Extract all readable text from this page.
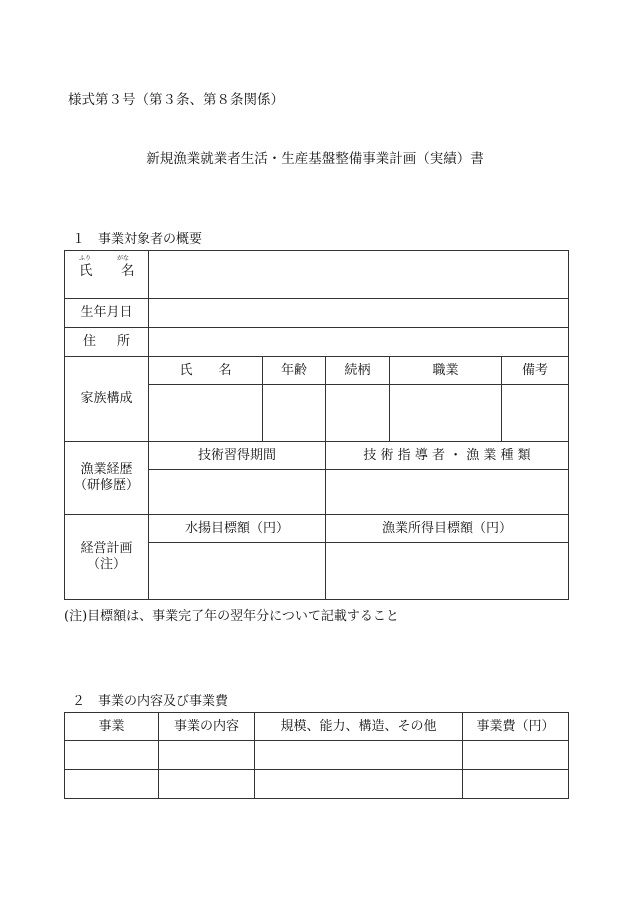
様式第３号（第３条、第８条関係）
新規漁業就業者生活・生産基盤整備事業計画（実績）書
１　事業対象者の概要
ふり がな
氏 名					

生年月日					

住 所					

家族構成	氏　　名	年齢	続柄	職業	備考

漁業経歴
（研修歴）	技術習得期間		技 術 指 導 者 ・ 漁 業 種 類		

経営計画
（注）	水揚目標額（円）		漁業所得目標額（円）		

(注)目標額は、事業完了年の翌年分について記載すること
２　事業の内容及び事業費
事業	事業の内容	規模、能力、構造、その他	事業費（円）
